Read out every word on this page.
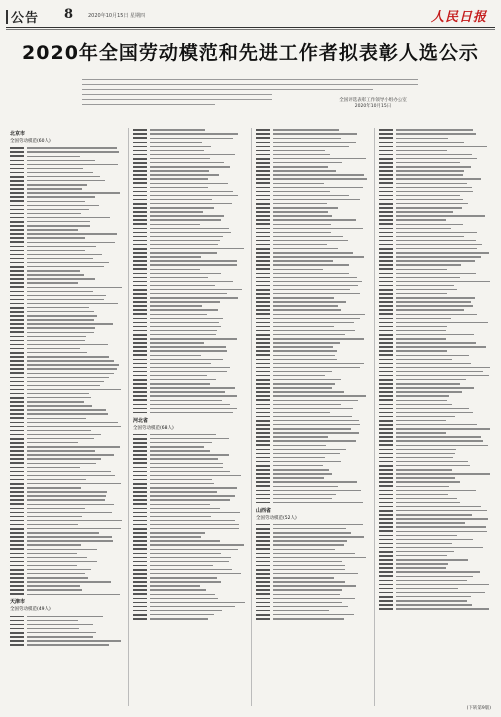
公告 8	2020年10月15日 星期四	人民日报
2020年全国劳动模范和先进工作者拟表彰人选公示
全国评选表彰工作领导小组办公室
2020年10月15日
北京市
全国劳动模范(60人)
天津市
全国劳动模范(49人)
河北省
全国劳动模范(68人)
山西省
全国劳动模范(52人)
(下转第9版)
